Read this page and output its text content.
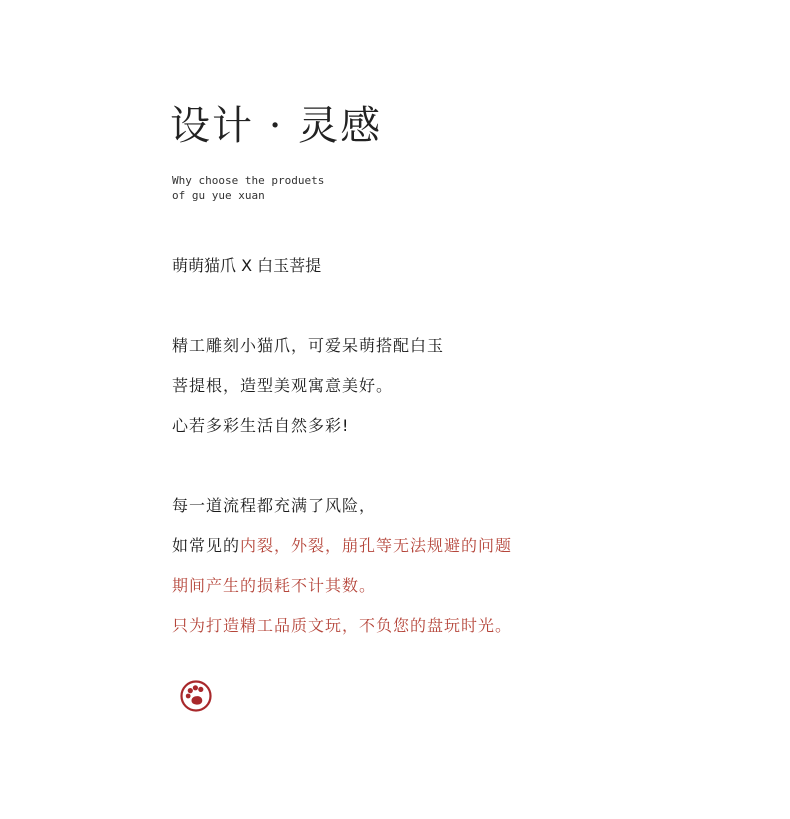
设计 · 灵感
Why choose the produets
of gu yue xuan
萌萌猫爪 X 白玉菩提
精工雕刻小猫爪，可爱呆萌搭配白玉
菩提根，造型美观寓意美好。
心若多彩生活自然多彩!
每一道流程都充满了风险，
如常见的内裂，外裂，崩孔等无法规避的问题
期间产生的损耗不计其数。
只为打造精工品质文玩，不负您的盘玩时光。
